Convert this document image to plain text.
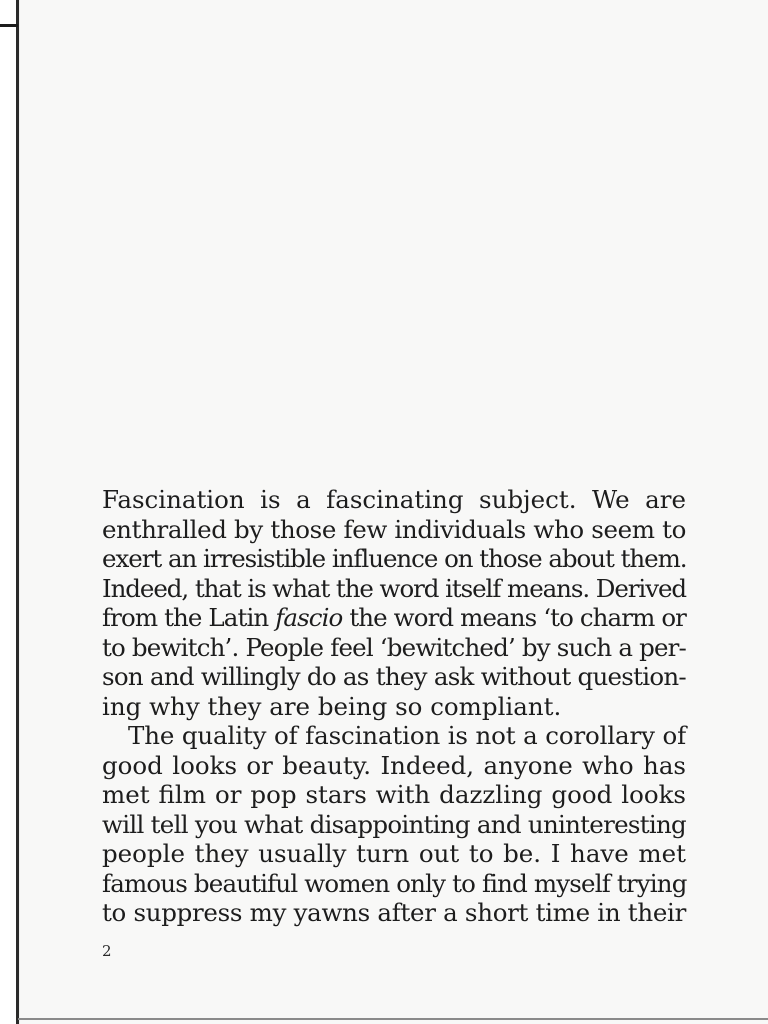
Fascination is a fascinating subject. We are
enthralled by those few individuals who seem to
exert an irresistible influence on those about them.
Indeed, that is what the word itself means. Derived
from the Latin fascio the word means ‘to charm or
to bewitch’. People feel ‘bewitched’ by such a per-
son and willingly do as they ask without question-
ing why they are being so compliant.
The quality of fascination is not a corollary of
good looks or beauty. Indeed, anyone who has
met film or pop stars with dazzling good looks
will tell you what disappointing and uninteresting
people they usually turn out to be. I have met
famous beautiful women only to find myself trying
to suppress my yawns after a short time in their
2
